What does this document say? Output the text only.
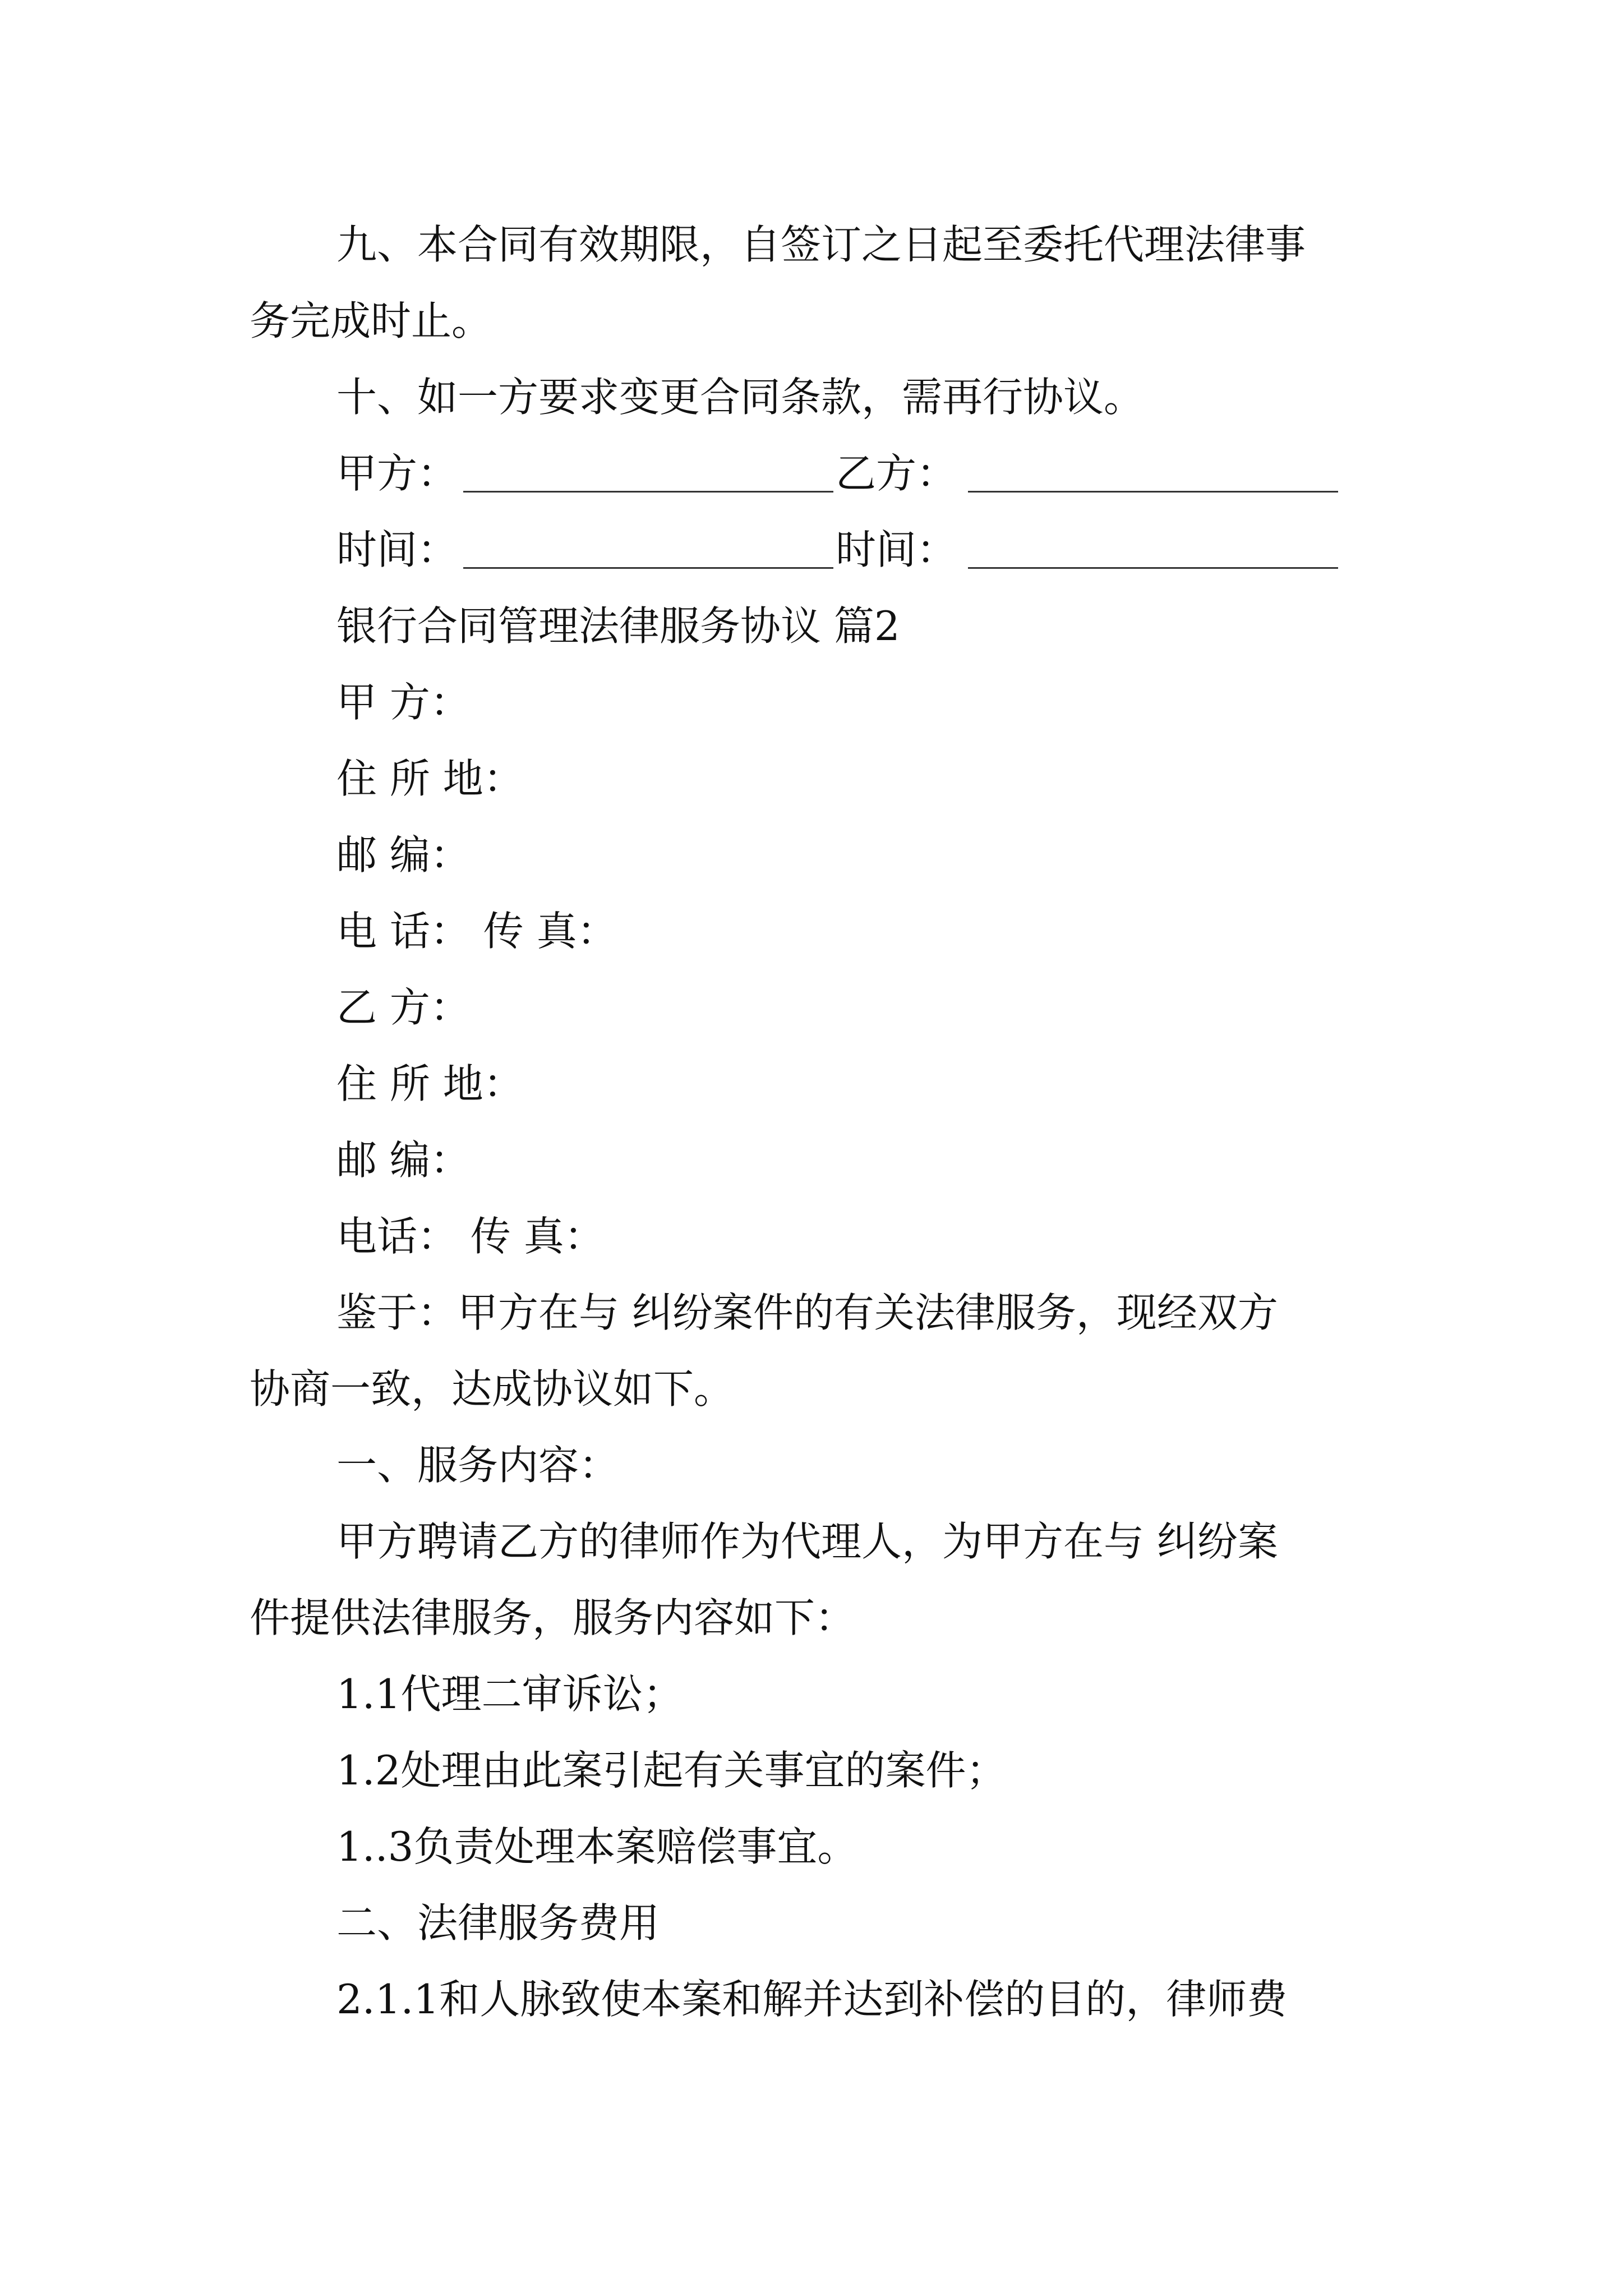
九、本合同有效期限，自签订之日起至委托代理法律事
务完成时止。
十、如一方要求变更合同条款，需再行协议。
甲方：	乙方：
时间：	时间：
银行合同管理法律服务协议 篇2
甲 方：
住 所 地：
邮 编：
电 话： 传 真：
乙 方：
住 所 地：
邮 编：
电话： 传 真：
鉴于：甲方在与 纠纷案件的有关法律服务，现经双方
协商一致，达成协议如下。
一、服务内容：
甲方聘请乙方的律师作为代理人，为甲方在与 纠纷案
件提供法律服务，服务内容如下：
1.1代理二审诉讼；
1.2处理由此案引起有关事宜的案件；
1..3负责处理本案赔偿事宜。
二、法律服务费用
2.1.1和人脉致使本案和解并达到补偿的目的，律师费
